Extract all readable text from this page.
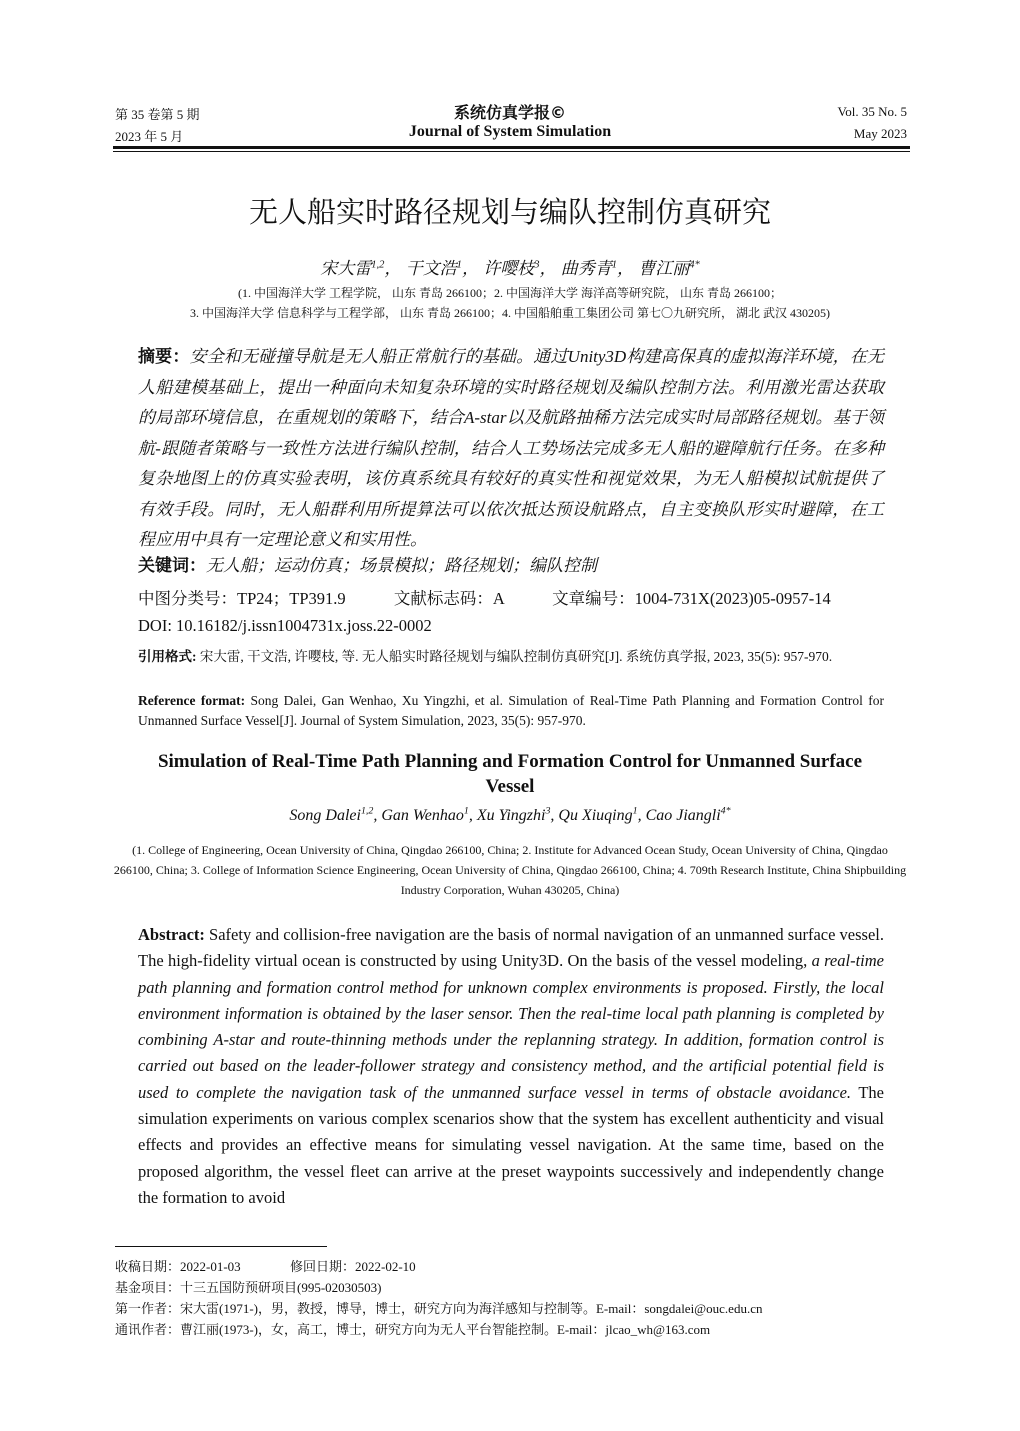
第 35 卷第 5 期
2023 年 5 月
系统仿真学报©
Journal of System Simulation
Vol. 35 No. 5
May 2023
无人船实时路径规划与编队控制仿真研究
宋大雷$^{1,2}$， 干文浩$^1$， 许嘤枝$^3$， 曲秀青$^1$， 曹江丽$^{4*}$
(1. 中国海洋大学 工程学院， 山东 青岛 266100；2. 中国海洋大学 海洋高等研究院， 山东 青岛 266100；
3. 中国海洋大学 信息科学与工程学部， 山东 青岛 266100；4. 中国船舶重工集团公司 第七〇九研究所， 湖北 武汉 430205)
摘要：安全和无碰撞导航是无人船正常航行的基础。通过Unity3D构建高保真的虚拟海洋环境，在无人船建模基础上，提出一种面向未知复杂环境的实时路径规划及编队控制方法。利用激光雷达获取的局部环境信息，在重规划的策略下，结合A-star以及航路抽稀方法完成实时局部路径规划。基于领航-跟随者策略与一致性方法进行编队控制，结合人工势场法完成多无人船的避障航行任务。在多种复杂地图上的仿真实验表明，该仿真系统具有较好的真实性和视觉效果，为无人船模拟试航提供了有效手段。同时，无人船群利用所提算法可以依次抵达预设航路点，自主变换队形实时避障，在工程应用中具有一定理论意义和实用性。
关键词：无人船；运动仿真；场景模拟；路径规划；编队控制
中图分类号：TP24；TP391.9	文献标志码：A	文章编号：1004-731X(2023)05-0957-14
DOI: 10.16182/j.issn1004731x.joss.22-0002
引用格式: 宋大雷, 干文浩, 许嘤枝, 等. 无人船实时路径规划与编队控制仿真研究[J]. 系统仿真学报, 2023, 35(5): 957-970.
Reference format: Song Dalei, Gan Wenhao, Xu Yingzhi, et al. Simulation of Real-Time Path Planning and Formation Control for Unmanned Surface Vessel[J]. Journal of System Simulation, 2023, 35(5): 957-970.
Simulation of Real-Time Path Planning and Formation Control for Unmanned Surface Vessel
Song Dalei$^{1,2}$, Gan Wenhao$^1$, Xu Yingzhi$^3$, Qu Xiuqing$^1$, Cao Jiangli$^{4*}$
(1. College of Engineering, Ocean University of China, Qingdao 266100, China; 2. Institute for Advanced Ocean Study, Ocean University of China, Qingdao 266100, China; 3. College of Information Science Engineering, Ocean University of China, Qingdao 266100, China; 4. 709th Research Institute, China Shipbuilding Industry Corporation, Wuhan 430205, China)
Abstract: Safety and collision-free navigation are the basis of normal navigation of an unmanned surface vessel. The high-fidelity virtual ocean is constructed by using Unity3D. On the basis of the vessel modeling, a real-time path planning and formation control method for unknown complex environments is proposed. Firstly, the local environment information is obtained by the laser sensor. Then the real-time local path planning is completed by combining A-star and route-thinning methods under the replanning strategy. In addition, formation control is carried out based on the leader-follower strategy and consistency method, and the artificial potential field is used to complete the navigation task of the unmanned surface vessel in terms of obstacle avoidance. The simulation experiments on various complex scenarios show that the system has excellent authenticity and visual effects and provides an effective means for simulating vessel navigation. At the same time, based on the proposed algorithm, the vessel fleet can arrive at the preset waypoints successively and independently change the formation to avoid
收稿日期：2022-01-03	修回日期：2022-02-10
基金项目：十三五国防预研项目(995-02030503)
第一作者：宋大雷(1971-)，男，教授，博导，博士，研究方向为海洋感知与控制等。E-mail：songdalei@ouc.edu.cn
通讯作者：曹江丽(1973-)，女，高工，博士，研究方向为无人平台智能控制。E-mail：jlcao_wh@163.com
